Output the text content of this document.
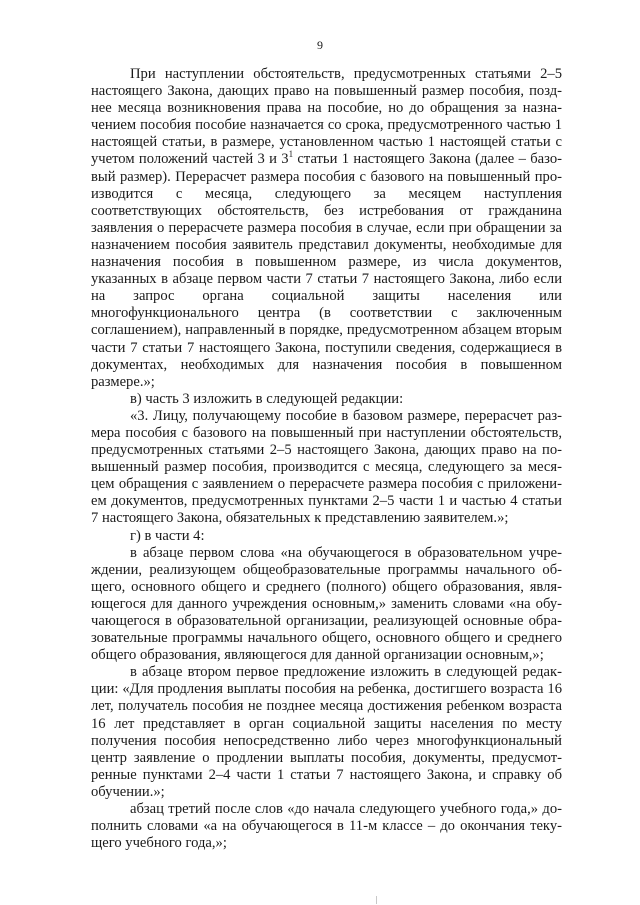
9

При наступлении обстоятельств, предусмотренных статьями 2–5 настоящего Закона, дающих право на повышенный размер пособия, позднее месяца возникновения права на пособие, но до обращения за назначением пособия пособие назначается со срока, предусмотренного частью 1 настоящей статьи, в размере, установленном частью 1 настоящей статьи с учетом положений частей 3 и $3^1$ статьи 1 настоящего Закона (далее – базовый размер). Перерасчет размера пособия с базового на повышенный производится с месяца, следующего за месяцем наступления соответствующих обстоятельств, без истребования от гражданина заявления о перерасчете размера пособия в случае, если при обращении за назначением пособия заявитель представил документы, необходимые для назначения пособия в повышенном размере, из числа документов, указанных в абзаце первом части 7 статьи 7 настоящего Закона, либо если на запрос органа социальной защиты населения или многофункционального центра (в соответствии с заключенным соглашением), направленный в порядке, предусмотренном абзацем вторым части 7 статьи 7 настоящего Закона, поступили сведения, содержащиеся в документах, необходимых для назначения пособия в повышенном размере.»;

в) часть 3 изложить в следующей редакции:

«3. Лицу, получающему пособие в базовом размере, перерасчет размера пособия с базового на повышенный при наступлении обстоятельств, предусмотренных статьями 2–5 настоящего Закона, дающих право на повышенный размер пособия, производится с месяца, следующего за месяцем обращения с заявлением о перерасчете размера пособия с приложением документов, предусмотренных пунктами 2–5 части 1 и частью 4 статьи 7 настоящего Закона, обязательных к представлению заявителем.»;

г) в части 4:

в абзаце первом слова «на обучающегося в образовательном учреждении, реализующем общеобразовательные программы начального общего, основного общего и среднего (полного) общего образования, являющегося для данного учреждения основным,» заменить словами «на обучающегося в образовательной организации, реализующей основные образовательные программы начального общего, основного общего и среднего общего образования, являющегося для данной организации основным,»;

в абзаце втором первое предложение изложить в следующей редакции: «Для продления выплаты пособия на ребенка, достигшего возраста 16 лет, получатель пособия не позднее месяца достижения ребенком возраста 16 лет представляет в орган социальной защиты населения по месту получения пособия непосредственно либо через многофункциональный центр заявление о продлении выплаты пособия, документы, предусмотренные пунктами 2–4 части 1 статьи 7 настоящего Закона, и справку об обучении.»;

абзац третий после слов «до начала следующего учебного года,» дополнить словами «а на обучающегося в 11-м классе – до окончания текущего учебного года,»;
